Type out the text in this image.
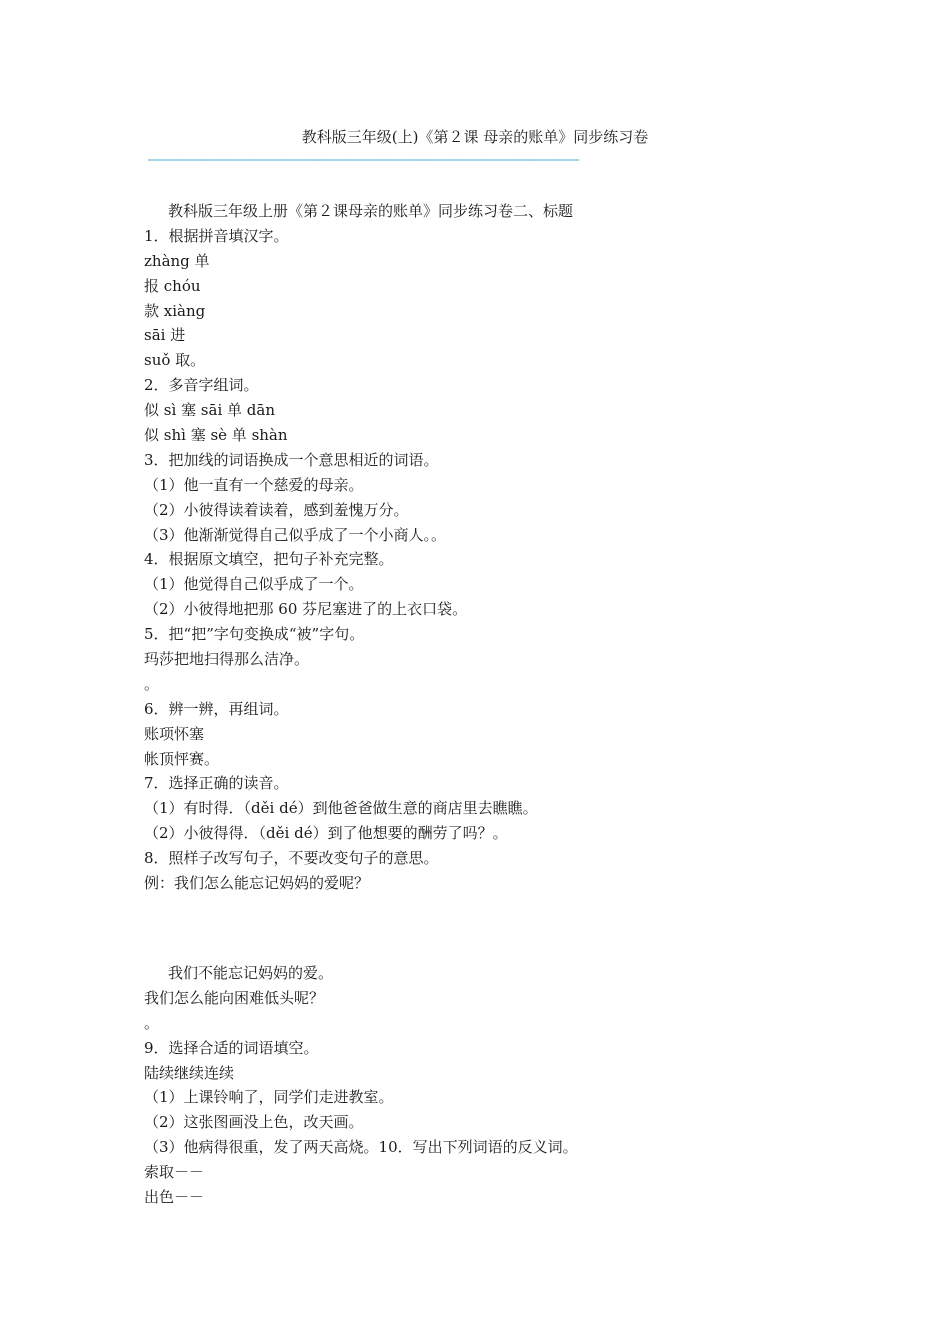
教科版三年级(上)《第２课 母亲的账单》同步练习卷
——————————————————————————————————————————————————
教科版三年级上册《第２课母亲的账单》同步练习卷二、标题
1．根据拼音填汉字。
zhàng 单
报 chóu
款 xiàng
sāi 进
suǒ 取。
2．多音字组词。
似 sì 塞 sāi 单 dān
似 shì 塞 sè 单 shàn
3．把加线的词语换成一个意思相近的词语。
（1）他一直有一个慈爱的母亲。
（2）小彼得读着读着，感到羞愧万分。
（3）他渐渐觉得自己似乎成了一个小商人。。
4．根据原文填空，把句子补充完整。
（1）他觉得自己似乎成了一个。
（2）小彼得地把那 60 芬尼塞进了的上衣口袋。
5．把“把”字句变换成“被”字句。
玛莎把地扫得那么洁净。
。
6．辨一辨，再组词。
账项怀塞
帐顶怦赛。
7．选择正确的读音。
（1）有时得．（děi dé）到他爸爸做生意的商店里去瞧瞧。
（2）小彼得得．（děi dé）到了他想要的酬劳了吗？。
8．照样子改写句子，不要改变句子的意思。
例：我们怎么能忘记妈妈的爱呢？
我们不能忘记妈妈的爱。
我们怎么能向困难低头呢？
。
9．选择合适的词语填空。
陆续继续连续
（1）上课铃响了，同学们走进教室。
（2）这张图画没上色，改天画。
（3）他病得很重，发了两天高烧。10．写出下列词语的反义词。
索取－－
出色－－
